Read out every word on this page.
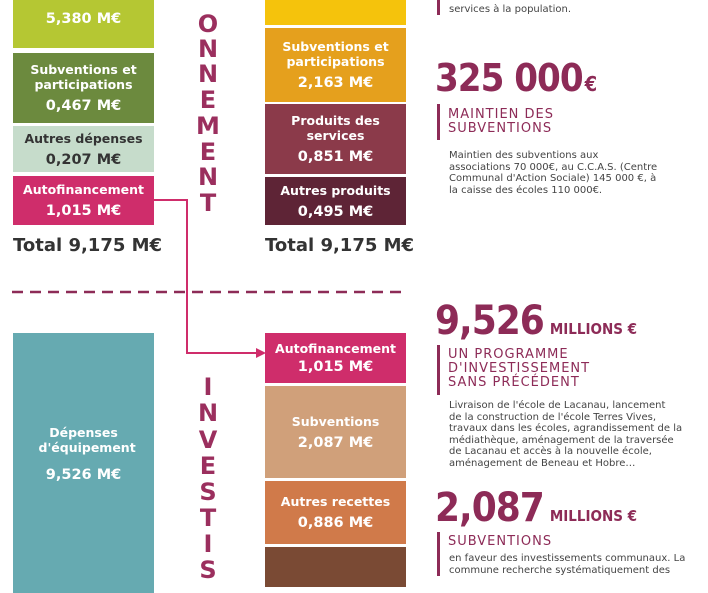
5,380 M€
Subventions et participations
0,467 M€
Autres dépenses
0,207 M€
Autofinancement
1,015 M€
Total 9,175 M€
O
N
N
E
M
E
N
T
Subventions et participations
2,163 M€
Produits des services
0,851 M€
Autres produits
0,495 M€
Total 9,175 M€
Dépenses d'équipement
9,526 M€
I
N
V
E
S
T
I
S
Autofinancement
1,015 M€
Subventions
2,087 M€
Autres recettes
0,886 M€
services à la population.
325 000 €
MAINTIEN DES
SUBVENTIONS
Maintien des subventions aux
associations 70 000€, au C.C.A.S. (Centre
Communal d'Action Sociale) 145 000 €, à
la caisse des écoles 110 000€.
9,526 MILLIONS €
UN PROGRAMME
D'INVESTISSEMENT
SANS PRÉCÉDENT
Livraison de l'école de Lacanau, lancement
de la construction de l'école Terres Vives,
travaux dans les écoles, agrandissement de la
médiathèque, aménagement de la traversée
de Lacanau et accès à la nouvelle école,
aménagement de Beneau et Hobre…
2,087 MILLIONS €
SUBVENTIONS
en faveur des investissements communaux. La
commune recherche systématiquement des
